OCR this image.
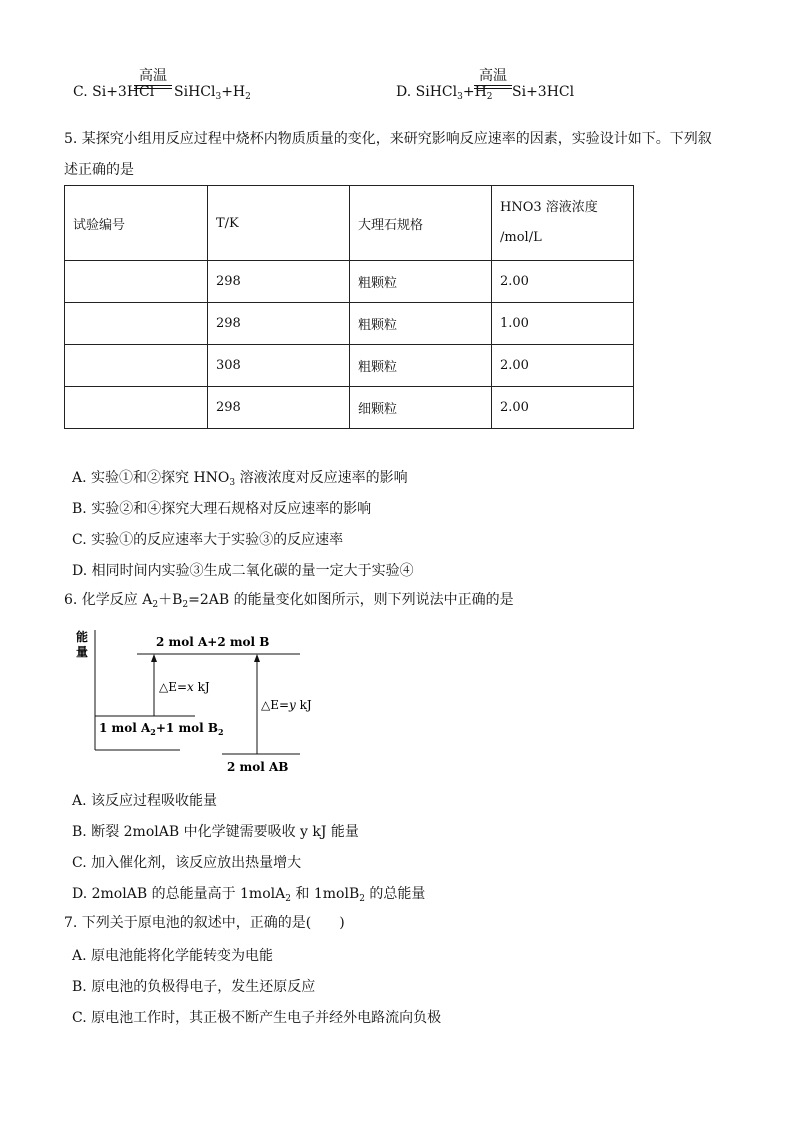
C. Si+3HCl
高温
$SiHCl_3+H_2$	D. $SiHCl_3+H_2$
高温
Si+3HCl
5. 某探究小组用反应过程中烧杯内物质质量的变化，来研究影响反应速率的因素，实验设计如下。下列叙
述正确的是
试验编号	T/K	大理石规格	HNO3 溶液浓度
/mol/L
	298	粗颗粒	2.00
	298	粗颗粒	1.00
	308	粗颗粒	2.00
	298	细颗粒	2.00
A. 实验①和②探究 $HNO_3$ 溶液浓度对反应速率的影响
B. 实验②和④探究大理石规格对反应速率的影响
C. 实验①的反应速率大于实验③的反应速率
D. 相同时间内实验③生成二氧化碳的量一定大于实验④
6. 化学反应 $A_2+B_2=2AB$ 的能量变化如图所示，则下列说法中正确的是
能
量
2 mol A+2 mol B
△E=x kJ
△E=y kJ
1 mol $A_2+1$ mol $B_2$
2 mol AB
A. 该反应过程吸收能量
B. 断裂 2molAB 中化学键需要吸收 y kJ 能量
C. 加入催化剂，该反应放出热量增大
D. 2molAB 的总能量高于 1molA$_2$ 和 1molB$_2$ 的总能量
7. 下列关于原电池的叙述中，正确的是(　　)
A. 原电池能将化学能转变为电能
B. 原电池的负极得电子，发生还原反应
C. 原电池工作时，其正极不断产生电子并经外电路流向负极
